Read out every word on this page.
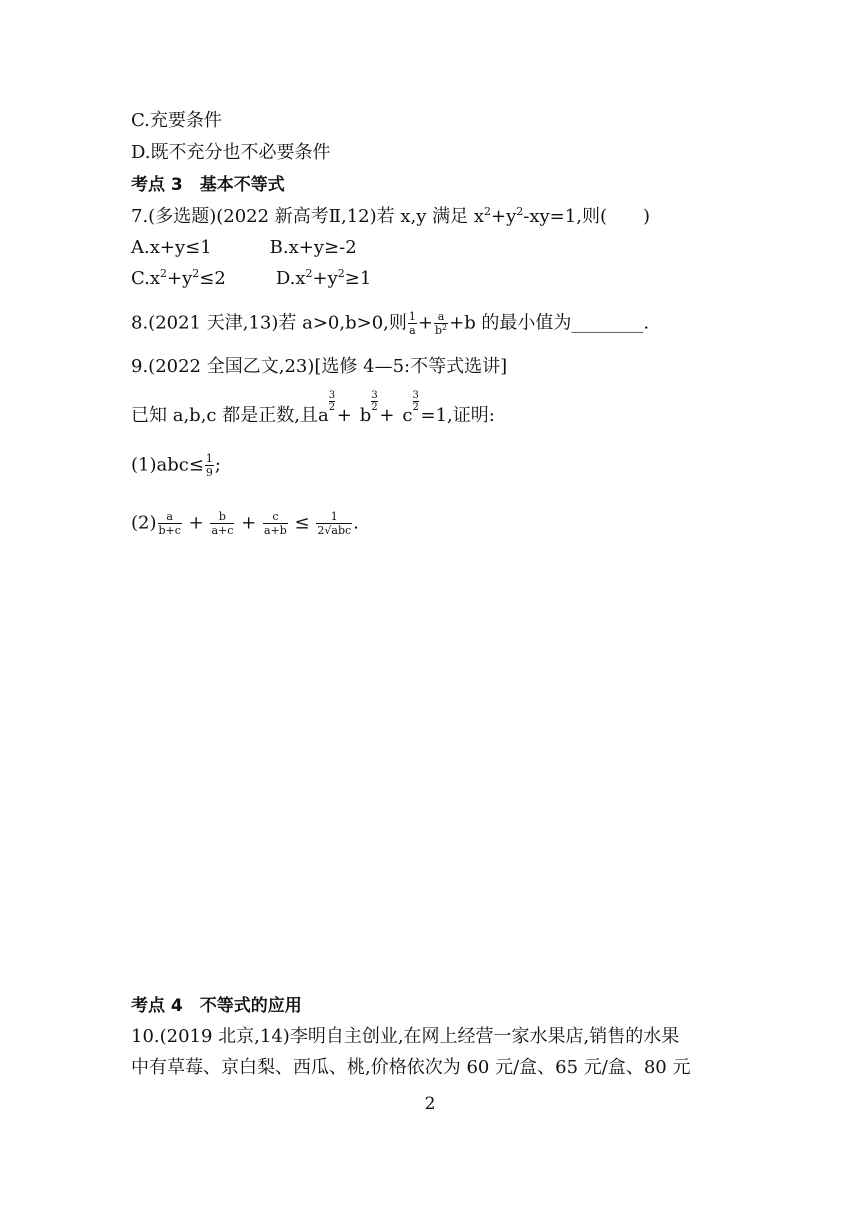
C.充要条件
D.既不充分也不必要条件
考点 3　基本不等式
7.(多选题)(2022 新高考Ⅱ,12)若 x,y 满足 $x^2+y^2-xy=1$,则(　　)
A.x+y≤1	B.x+y≥-2
$C.x^2+y^2\le 2$	$D.x^2+y^2\ge 1$
8.(2021 天津,13)若 a>0,b>0,则 $\frac{1}{a} + \frac{a}{b^2} +b$ 的最小值为________.
9.(2022 全国乙文,23)[选修 4—5:不等式选讲]
已知 a,b,c 都是正数,且a
$\frac{3}{2}$
+ b
$\frac{3}{2}$
+ c
$\frac{3}{2}$
=1,证明:
$(1)abc\le \frac{1}{9}$ ;
$(2) \frac{a}{b+c} + \frac{b}{a+c} + \frac{c}{a+b} \le \frac{1}{\text{2√abc}}$ .
考点 4　不等式的应用
10.(2019 北京,14)李明自主创业,在网上经营一家水果店,销售的水果
中有草莓、京白梨、西瓜、桃,价格依次为 60 元/盒、65 元/盒、80 元
2
